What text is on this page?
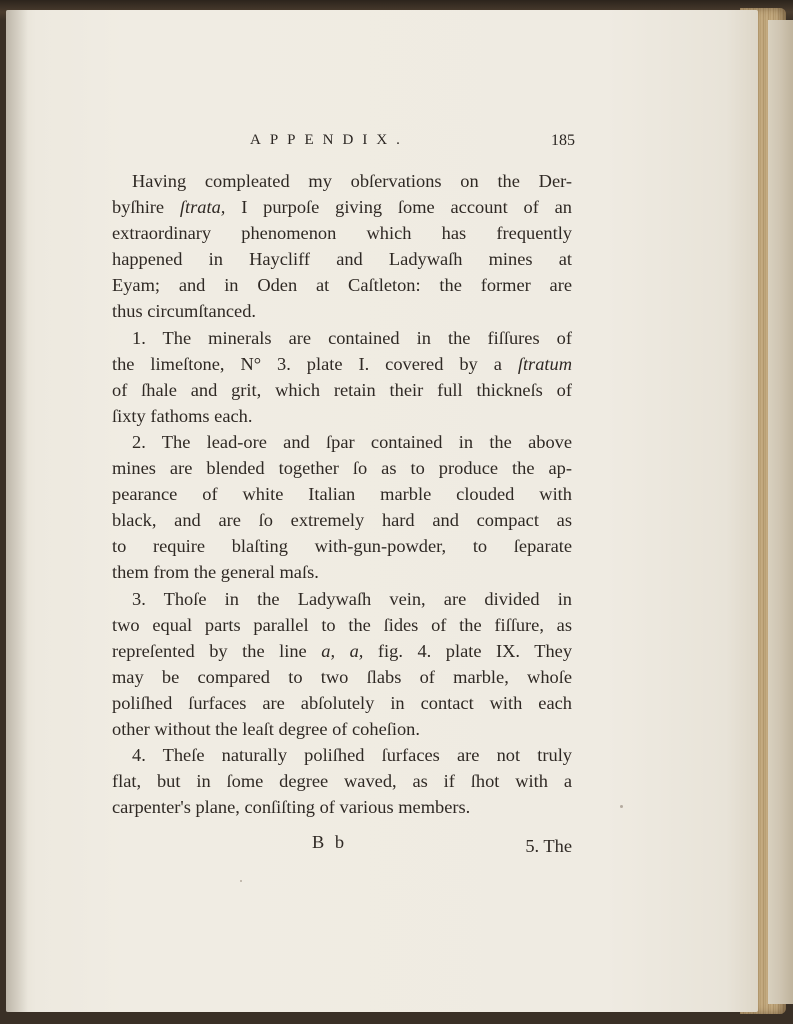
APPENDIX.	185
Having compleated my obſervations on the Der-
byſhire ſtrata, I purpoſe giving ſome account of an
extraordinary phenomenon which has frequently
happened in Haycliff and Ladywaſh mines at
Eyam; and in Oden at Caſtleton: the former are
thus circumſtanced.
1. The minerals are contained in the fiſſures of
the limeſtone, N° 3. plate I. covered by a ſtratum
of ſhale and grit, which retain their full thickneſs of
ſixty fathoms each.
2. The lead-ore and ſpar contained in the above
mines are blended together ſo as to produce the ap-
pearance of white Italian marble clouded with
black, and are ſo extremely hard and compact as
to require blaſting with-gun-powder, to ſeparate
them from the general maſs.
3. Thoſe in the Ladywaſh vein, are divided in
two equal parts parallel to the ſides of the fiſſure, as
repreſented by the line a, a, fig. 4. plate IX. They
may be compared to two ſlabs of marble, whoſe
poliſhed ſurfaces are abſolutely in contact with each
other without the leaſt degree of coheſion.
4. Theſe naturally poliſhed ſurfaces are not truly
flat, but in ſome degree waved, as if ſhot with a
carpenter's plane, conſiſting of various members.
B b	5. The
